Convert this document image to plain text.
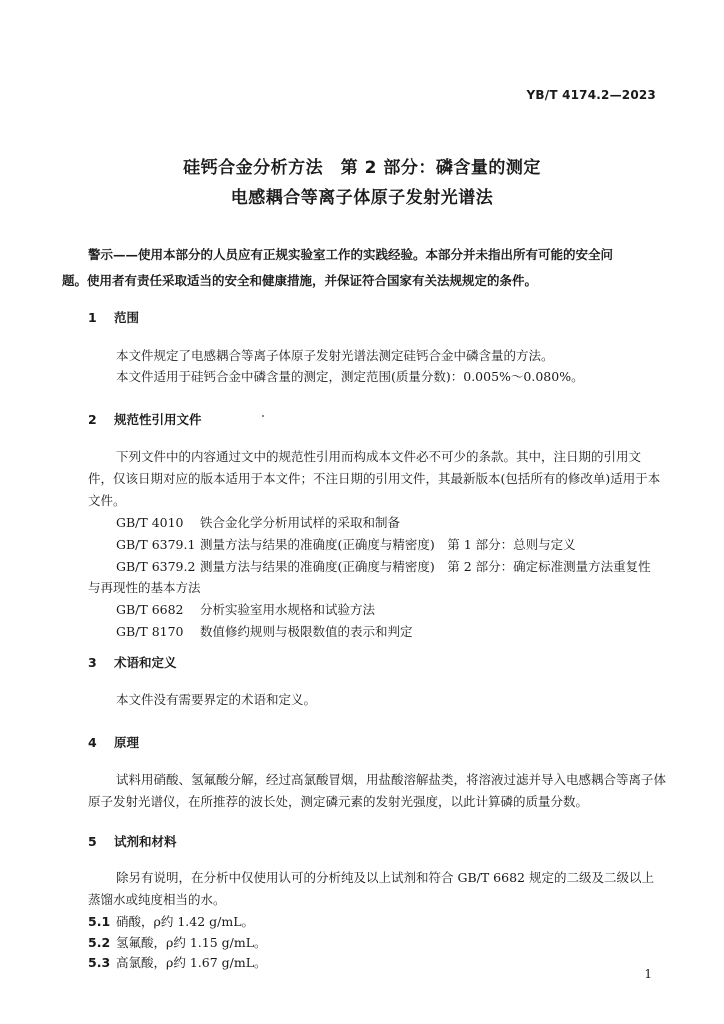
YB/T 4174.2—2023
硅钙合金分析方法　第 2 部分：磷含量的测定
电感耦合等离子体原子发射光谱法
警示——使用本部分的人员应有正规实验室工作的实践经验。本部分并未指出所有可能的安全问
题。使用者有责任采取适当的安全和健康措施，并保证符合国家有关法规规定的条件。
1 范围
本文件规定了电感耦合等离子体原子发射光谱法测定硅钙合金中磷含量的方法。
本文件适用于硅钙合金中磷含量的测定，测定范围(质量分数)：0.005%～0.080%。
2 规范性引用文件
下列文件中的内容通过文中的规范性引用而构成本文件必不可少的条款。其中，注日期的引用文
件，仅该日期对应的版本适用于本文件；不注日期的引用文件，其最新版本(包括所有的修改单)适用于本
文件。
GB/T 4010 铁合金化学分析用试样的采取和制备
GB/T 6379.1 测量方法与结果的准确度(正确度与精密度)　第 1 部分：总则与定义
GB/T 6379.2 测量方法与结果的准确度(正确度与精密度)　第 2 部分：确定标准测量方法重复性
与再现性的基本方法
GB/T 6682 分析实验室用水规格和试验方法
GB/T 8170 数值修约规则与极限数值的表示和判定
3 术语和定义
本文件没有需要界定的术语和定义。
4 原理
试料用硝酸、氢氟酸分解，经过高氯酸冒烟，用盐酸溶解盐类，将溶液过滤并导入电感耦合等离子体
原子发射光谱仪，在所推荐的波长处，测定磷元素的发射光强度，以此计算磷的质量分数。
5 试剂和材料
除另有说明，在分析中仅使用认可的分析纯及以上试剂和符合 GB/T 6682 规定的二级及二级以上
蒸馏水或纯度相当的水。
5.1 硝酸，ρ约 1.42 g/mL。
5.2 氢氟酸，ρ约 1.15 g/mL。
5.3 高氯酸，ρ约 1.67 g/mL。
1
